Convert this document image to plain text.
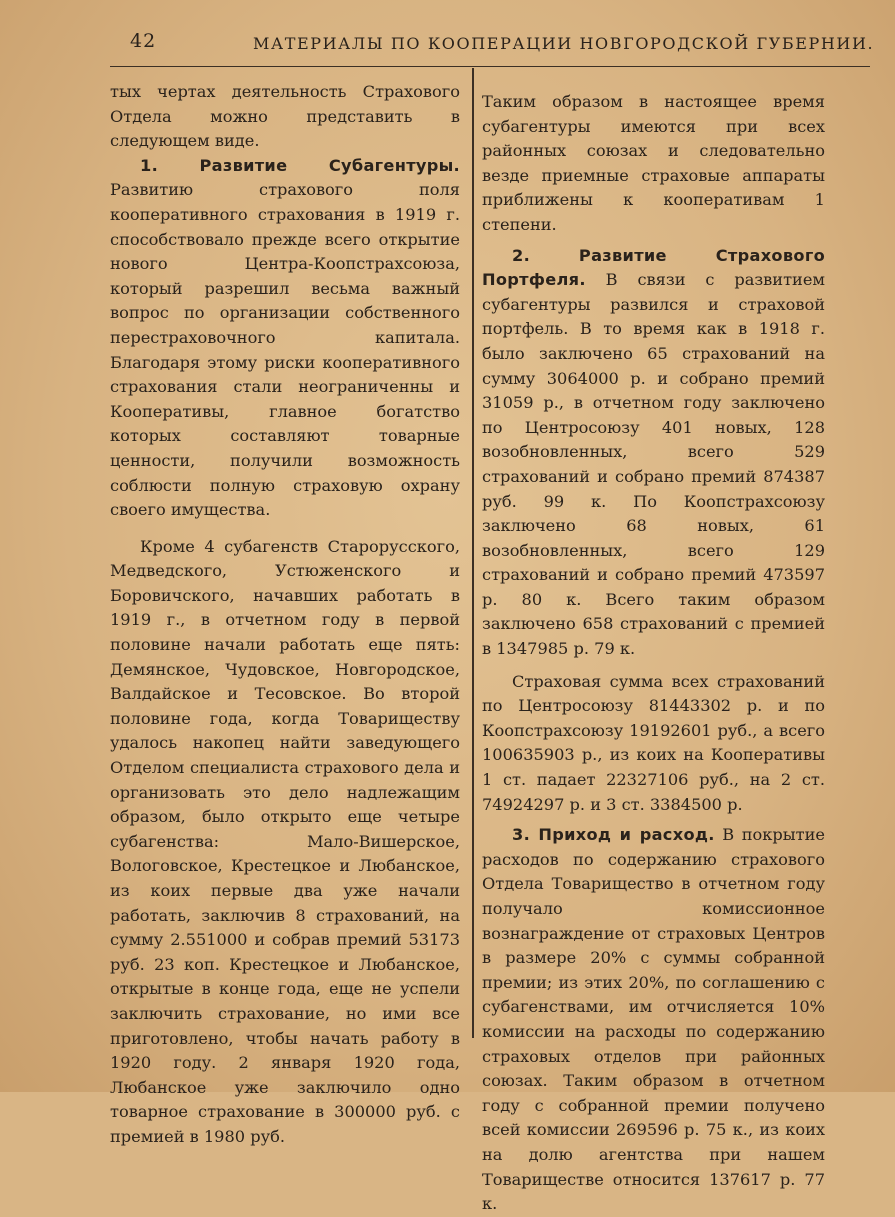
42	МАТЕРИАЛЫ ПО КООПЕРАЦИИ НОВГОРОДСКОЙ ГУБЕРНИИ.

тых чертах деятельность Страхового Отдела можно представить в следующем виде.

1. Развитие Субагентуры. Развитию страхового поля кооперативного страхования в 1919 г. способствовало прежде всего открытие нового Центра-Коопстрахсоюза, который разрешил весьма важный вопрос по организации собственного перестраховочного капитала. Благодаря этому риски кооперативного страхования стали неограниченны и Кооперативы, главное богатство которых составляют товарные ценности, получили возможность соблюсти полную страховую охрану своего имущества.

Кроме 4 субагенств Старорусского, Медведского, Устюженского и Боровичского, начавших работать в 1919 г., в отчетном году в первой половине начали работать еще пять: Демянское, Чудовское, Новгородское, Валдайское и Тесовское. Во второй половине года, когда Товариществу удалось накопец найти заведующего Отделом специалиста страхового дела и организовать это дело надлежащим образом, было открыто еще четыре субагенства: Мало-Вишерское, Вологовское, Крестецкое и Любанское, из коих первые два уже начали работать, заключив 8 страхований, на сумму 2.551000 и собрав премий 53173 руб. 23 коп. Крестецкое и Любанское, открытые в конце года, еще не успели заключить страхование, но ими все приготовлено, чтобы начать работу в 1920 году. 2 января 1920 года, Любанское уже заключило одно товарное страхование в 300000 руб. с премией в 1980 руб.

Таким образом в настоящее время субагентуры имеются при всех районных союзах и следовательно везде приемные страховые аппараты приближены к кооперативам 1 степени.

2. Развитие Страхового Портфеля. В связи с развитием субагентуры развился и страховой портфель. В то время как в 1918 г. было заключено 65 страхований на сумму 3064000 р. и собрано премий 31059 р., в отчетном году заключено по Центросоюзу 401 новых, 128 возобновленных, всего 529 страхований и собрано премий 874387 руб. 99 к. По Коопстрахсоюзу заключено 68 новых, 61 возобновленных, всего 129 страхований и собрано премий 473597 р. 80 к. Всего таким образом заключено 658 страхований с премией в 1347985 р. 79 к.

Страховая сумма всех страхований по Центросоюзу 81443302 р. и по Коопстрахсоюзу 19192601 руб., а всего 100635903 р., из коих на Кооперативы 1 ст. падает 22327106 руб., на 2 ст. 74924297 р. и 3 ст. 3384500 р.

3. Приход и расход. В покрытие расходов по содержанию страхового Отдела Товарищество в отчетном году получало комиссионное вознаграждение от страховых Центров в размере 20% с суммы собранной премии; из этих 20%, по соглашению с субагенствами, им отчисляется 10% комиссии на расходы по содержанию страховых отделов при районных союзах. Таким образом в отчетном году с собранной премии получено всей комиссии 269596 р. 75 к., из коих на долю агентства при нашем Товариществе относится 137617 р. 77 к.
